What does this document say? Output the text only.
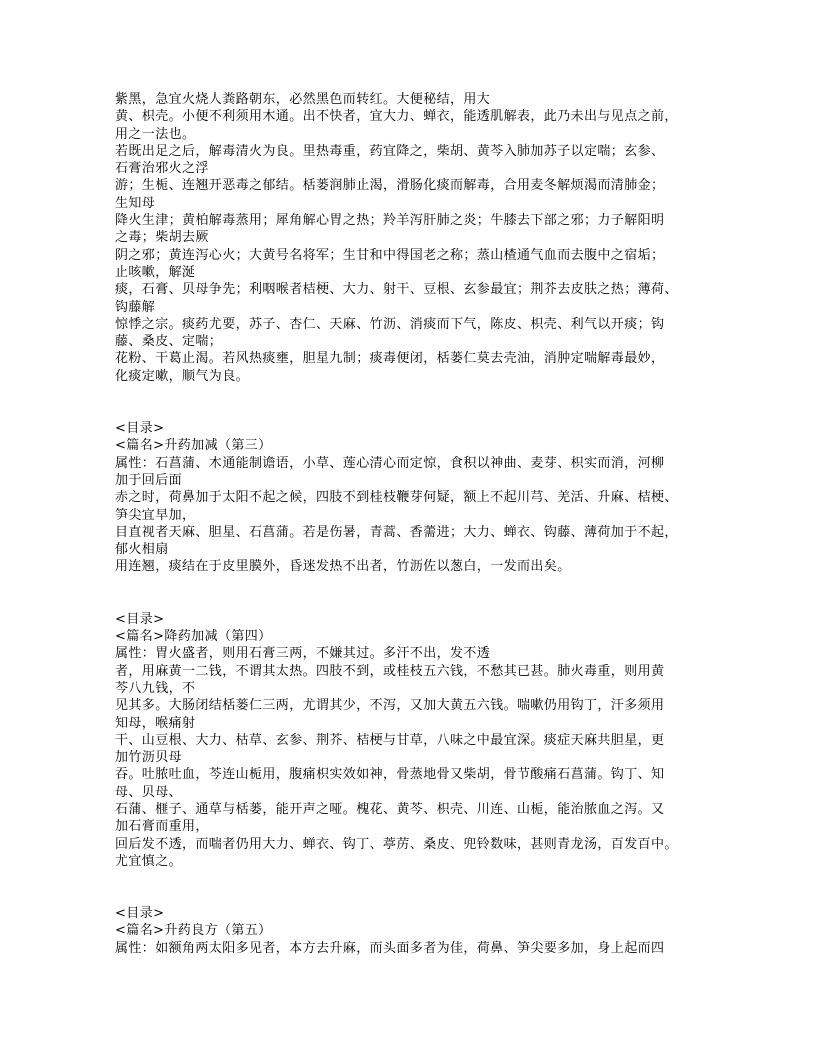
紫黑，急宜火烧人粪路朝东，必然黑色而转红。大便秘结，用大
黄、枳壳。小便不利须用木通。出不快者，宜大力、蝉衣，能透肌解表，此乃未出与见点之前，
用之一法也。
若既出足之后，解毒清火为良。里热毒重，药宜降之，柴胡、黄芩入肺加苏子以定喘；玄参、
石膏治邪火之浮
游；生栀、连翘开恶毒之郁结。栝蒌润肺止渴，滑肠化痰而解毒，合用麦冬解烦渴而清肺金；
生知母
降火生津；黄柏解毒蒸用；犀角解心胃之热；羚羊泻肝肺之炎；牛膝去下部之邪；力子解阳明
之毒；柴胡去厥
阴之邪；黄连泻心火；大黄号名将军；生甘和中得国老之称；蒸山楂通气血而去腹中之宿垢；
止咳嗽，解涎
痰，石膏、贝母争先；利咽喉者桔梗、大力、射干、豆根、玄参最宜；荆芥去皮肤之热；薄荷、
钩藤解
惊悸之宗。痰药尤要，苏子、杏仁、天麻、竹沥、消痰而下气，陈皮、枳壳、利气以开痰；钩
藤、桑皮、定喘；
花粉、干葛止渴。若风热痰壅，胆星九制；痰毒便闭，栝蒌仁莫去壳油，消肿定喘解毒最妙，
化痰定嗽，顺气为良。
<目录>
<篇名>升药加减（第三）
属性：石菖蒲、木通能制谵语，小草、莲心清心而定惊，食积以神曲、麦芽、枳实而消，河柳
加于回后面
赤之时，荷鼻加于太阳不起之候，四肢不到桂枝鞭芽何疑，额上不起川芎、羌活、升麻、桔梗、
笋尖宜早加，
目直视者天麻、胆星、石菖蒲。若是伤暑，青蒿、香薷进；大力、蝉衣、钩藤、薄荷加于不起，
郁火相扇
用连翘，痰结在于皮里膜外，昏迷发热不出者，竹沥佐以葱白，一发而出矣。
<目录>
<篇名>降药加减（第四）
属性：胃火盛者，则用石膏三两，不嫌其过。多汗不出，发不透
者，用麻黄一二钱，不谓其太热。四肢不到，或桂枝五六钱，不愁其已甚。肺火毒重，则用黄
芩八九钱，不
见其多。大肠闭结栝蒌仁三两，尤谓其少，不泻，又加大黄五六钱。喘嗽仍用钩丁，汗多须用
知母，喉痛射
干、山豆根、大力、枯草、玄参、荆芥、桔梗与甘草，八味之中最宜深。痰症天麻共胆星，更
加竹沥贝母
吞。吐脓吐血，芩连山栀用，腹痛枳实效如神，骨蒸地骨又柴胡，骨节酸痛石菖蒲。钩丁、知
母、贝母、
石蒲、榧子、通草与栝蒌，能开声之哑。槐花、黄芩、枳壳、川连、山栀，能治脓血之泻。又
加石膏而重用，
回后发不透，而喘者仍用大力、蝉衣、钩丁、葶苈、桑皮、兜铃数味，甚则青龙汤，百发百中。
尤宜慎之。
<目录>
<篇名>升药良方（第五）
属性：如额角两太阳多见者，本方去升麻，而头面多者为佳，荷鼻、笋尖要多加，身上起而四
